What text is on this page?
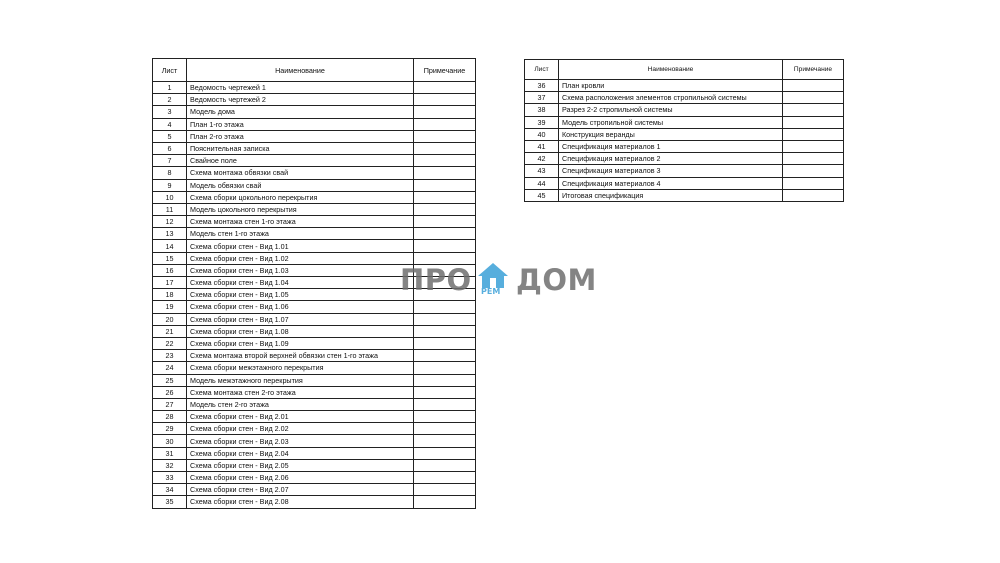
Лист	Наименование	Примечание
1	Ведомость чертежей 1	
2	Ведомость чертежей 2	
3	Модель дома	
4	План 1-го этажа	
5	План 2-го этажа	
6	Пояснительная записка	
7	Свайное поле	
8	Схема монтажа обвязки свай	
9	Модель обвязки свай	
10	Схема сборки цокольного перекрытия	
11	Модель цокольного перекрытия	
12	Схема монтажа стен 1-го этажа	
13	Модель стен 1-го этажа	
14	Схема сборки стен - Вид 1.01	
15	Схема сборки стен - Вид 1.02	
16	Схема сборки стен - Вид 1.03	
17	Схема сборки стен - Вид 1.04	
18	Схема сборки стен - Вид 1.05	
19	Схема сборки стен - Вид 1.06	
20	Схема сборки стен - Вид 1.07	
21	Схема сборки стен - Вид 1.08	
22	Схема сборки стен - Вид 1.09	
23	Схема монтажа второй верхней обвязки стен 1-го этажа	
24	Схема сборки межэтажного перекрытия	
25	Модель межэтажного перекрытия	
26	Схема монтажа стен 2-го этажа	
27	Модель стен 2-го этажа	
28	Схема сборки стен - Вид 2.01	
29	Схема сборки стен - Вид 2.02	
30	Схема сборки стен - Вид 2.03	
31	Схема сборки стен - Вид 2.04	
32	Схема сборки стен - Вид 2.05	
33	Схема сборки стен - Вид 2.06	
34	Схема сборки стен - Вид 2.07	
35	Схема сборки стен - Вид 2.08	
Лист	Наименование	Примечание
36	План кровли	
37	Схема расположения элементов стропильной системы	
38	Разрез 2-2 стропильной системы	
39	Модель стропильной системы	
40	Конструкция веранды	
41	Спецификация материалов 1	
42	Спецификация материалов 2	
43	Спецификация материалов 3	
44	Спецификация материалов 4	
45	Итоговая спецификация	
ПРО РЕМ ДОМ
